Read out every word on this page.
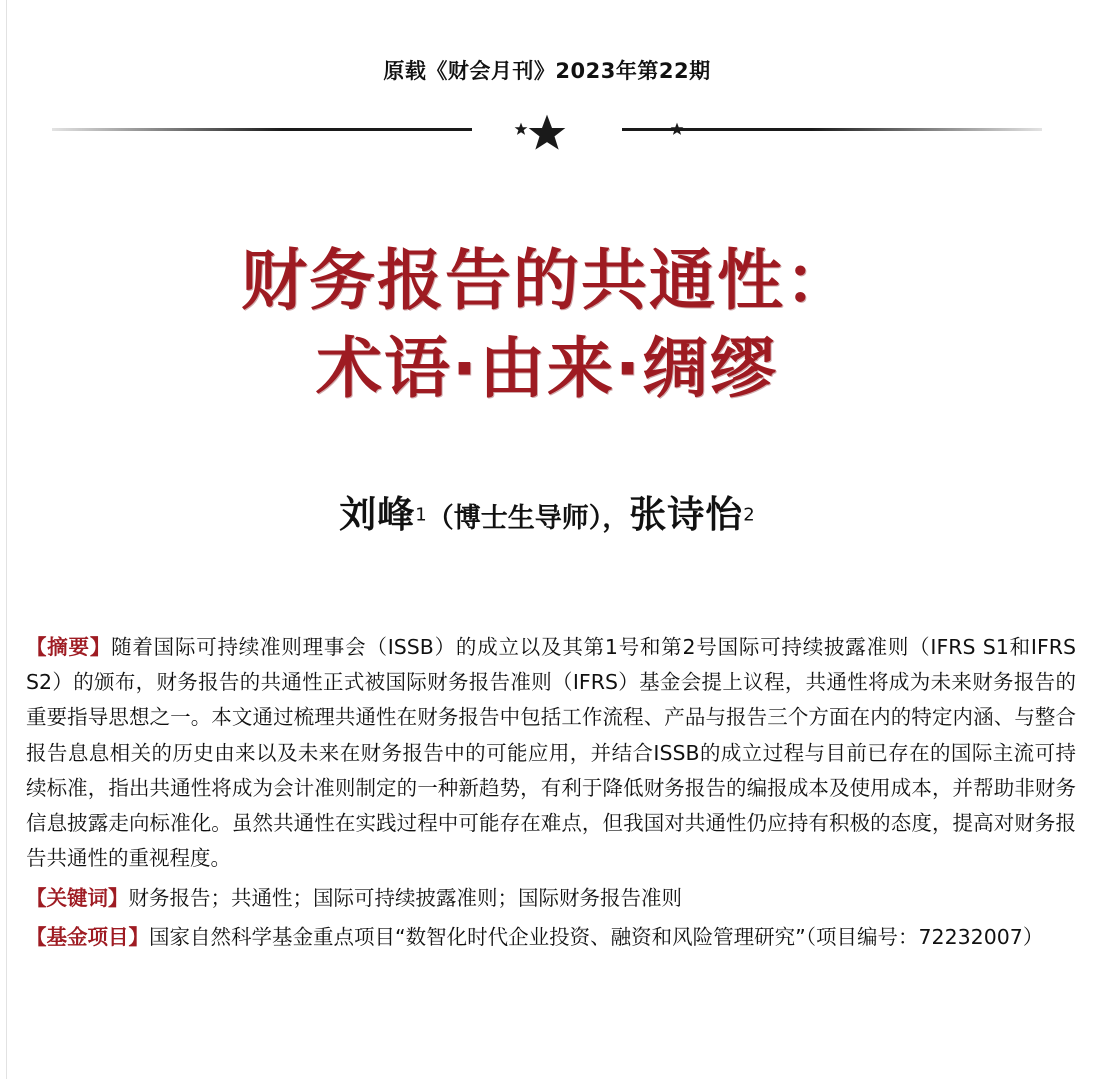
原载《财会月刊》2023年第22期
财务报告的共通性：
术语·由来·绸缪
刘峰1（博士生导师），张诗怡2

【摘要】随着国际可持续准则理事会（ISSB）的成立以及其第1号和第2号国际可持续披露准则（IFRS S1和IFRS S2）的颁布，财务报告的共通性正式被国际财务报告准则（IFRS）基金会提上议程，共通性将成为未来财务报告的重要指导思想之一。本文通过梳理共通性在财务报告中包括工作流程、产品与报告三个方面在内的特定内涵、与整合报告息息相关的历史由来以及未来在财务报告中的可能应用，并结合ISSB的成立过程与目前已存在的国际主流可持续标准，指出共通性将成为会计准则制定的一种新趋势，有利于降低财务报告的编报成本及使用成本，并帮助非财务信息披露走向标准化。虽然共通性在实践过程中可能存在难点，但我国对共通性仍应持有积极的态度，提高对财务报告共通性的重视程度。

【关键词】财务报告；共通性；国际可持续披露准则；国际财务报告准则

【基金项目】国家自然科学基金重点项目“数智化时代企业投资、融资和风险管理研究”（项目编号：72232007）
